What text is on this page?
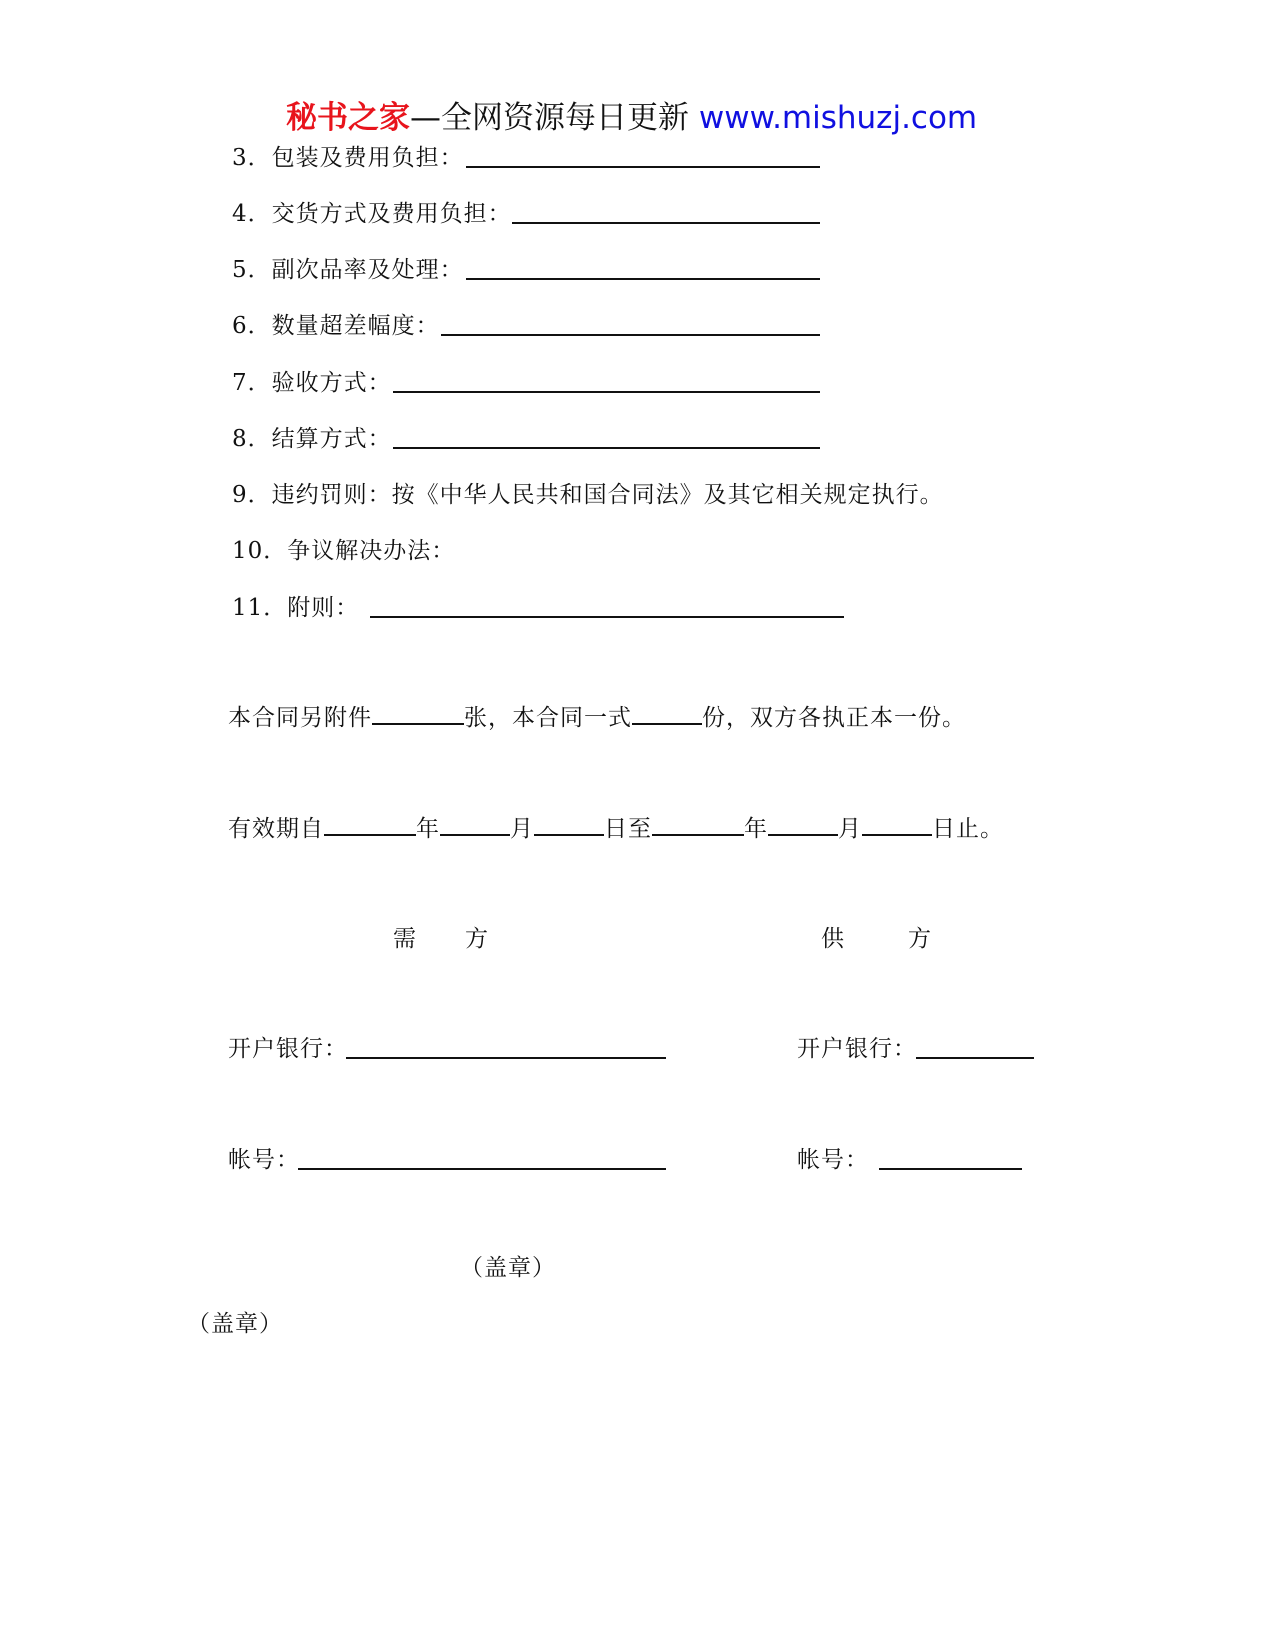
秘书之家—全网资源每日更新 www.mishuzj.com
3．包装及费用负担：
4．交货方式及费用负担：
5．副次品率及处理：
6．数量超差幅度：
7．验收方式：
8．结算方式：
9．违约罚则：按《中华人民共和国合同法》及其它相关规定执行。
10．争议解决办法：
11．附则：
本合同另附件	张，本合同一式	份，双方各执正本一份。
有效期自	年	月	日至	年	月	日止。
需　　方	供　　方
开户银行：	开户银行：
帐号：	帐号：
（盖章）
（盖章）
